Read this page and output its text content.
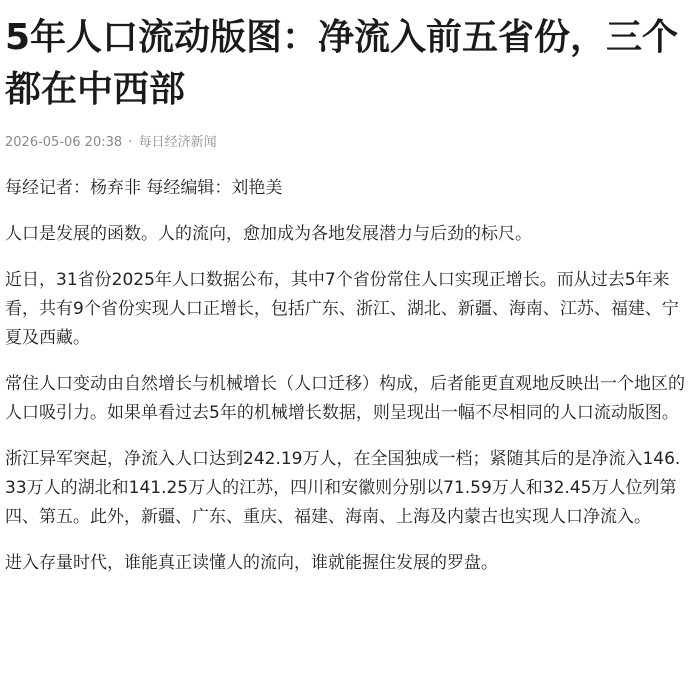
5年人口流动版图：净流入前五省份，三个都在中西部
2026-05-06 20:38 · 每日经济新闻

每经记者：杨弃非 每经编辑：刘艳美

人口是发展的函数。人的流向，愈加成为各地发展潜力与后劲的标尺。

近日，31省份2025年人口数据公布，其中7个省份常住人口实现正增长。而从过去5年来看，共有9个省份实现人口正增长，包括广东、浙江、湖北、新疆、海南、江苏、福建、宁夏及西藏。

常住人口变动由自然增长与机械增长（人口迁移）构成，后者能更直观地反映出一个地区的人口吸引力。如果单看过去5年的机械增长数据，则呈现出一幅不尽相同的人口流动版图。

浙江异军突起，净流入人口达到242.19万人，在全国独成一档；紧随其后的是净流入146.33万人的湖北和141.25万人的江苏，四川和安徽则分别以71.59万人和32.45万人位列第四、第五。此外，新疆、广东、重庆、福建、海南、上海及内蒙古也实现人口净流入。

进入存量时代，谁能真正读懂人的流向，谁就能握住发展的罗盘。
